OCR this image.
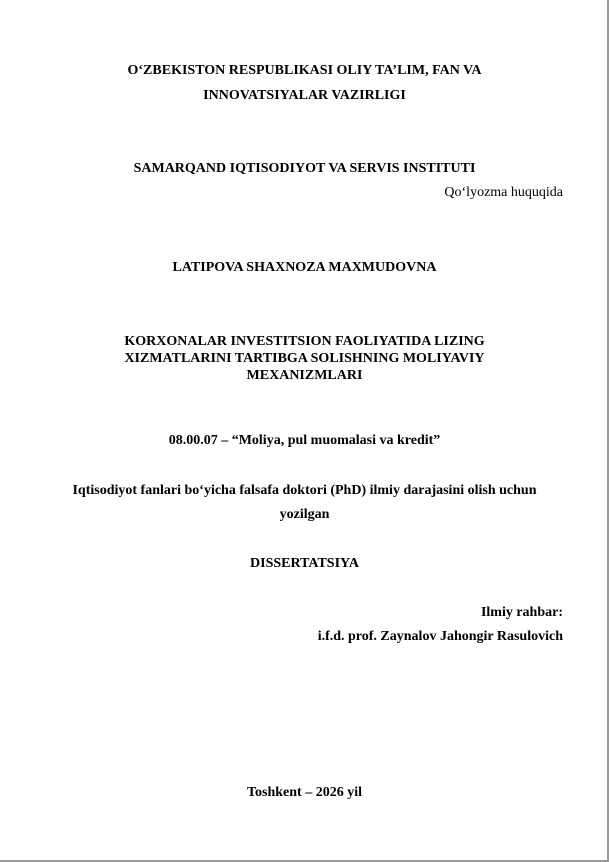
O‘ZBEKISTON RESPUBLIKASI OLIY TA’LIM, FAN VA
INNOVATSIYALAR VAZIRLIGI
SAMARQAND IQTISODIYOT VA SERVIS INSTITUTI
Qo‘lyozma huquqida
LATIPOVA SHAXNOZA MAXMUDOVNA
KORXONALAR INVESTITSION FAOLIYATIDA LIZING
XIZMATLARINI TARTIBGA SOLISHNING MOLIYAVIY
MEXANIZMLARI
08.00.07 – “Moliya, pul muomalasi va kredit”
Iqtisodiyot fanlari bo‘yicha falsafa doktori (PhD) ilmiy darajasini olish uchun
yozilgan
DISSERTATSIYA
Ilmiy rahbar:
i.f.d. prof. Zaynalov Jahongir Rasulovich
Toshkent – 2026 yil
